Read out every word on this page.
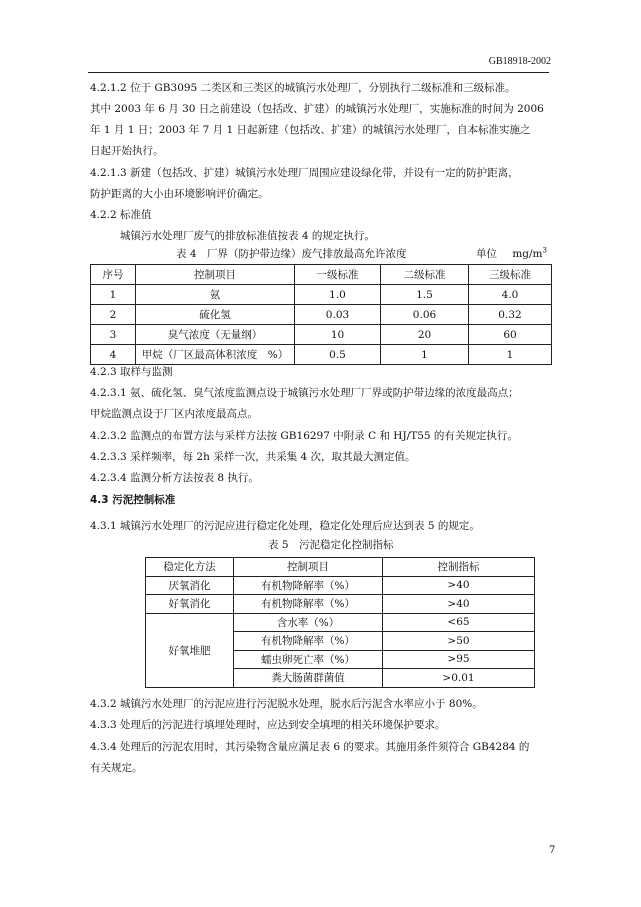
GB18918-2002
4.2.1.2 位于 GB3095 二类区和三类区的城镇污水处理厂，分别执行二级标准和三级标准。
其中 2003 年 6 月 30 日之前建设（包括改、扩建）的城镇污水处理厂，实施标准的时间为 2006
年 1 月 1 日；2003 年 7 月 1 日起新建（包括改、扩建）的城镇污水处理厂，自本标准实施之
日起开始执行。
4.2.1.3 新建（包括改、扩建）城镇污水处理厂周围应建设绿化带，并设有一定的防护距离，
防护距离的大小由环境影响评价确定。
4.2.2 标准值
城镇污水处理厂废气的排放标准值按表 4 的规定执行。
表 4　厂界（防护带边缘）废气排放最高允许浓度	单位 $mg/m^3$
序号	控制项目	一级标准	二级标准	三级标准
1	氨	1.0	1.5	4.0
2	硫化氢	0.03	0.06	0.32
3	臭气浓度（无量纲）	10	20	60
4	甲烷（厂区最高体积浓度　%）	0.5	1	1
4.2.3 取样与监测
4.2.3.1 氨、硫化氢、臭气浓度监测点设于城镇污水处理厂厂界或防护带边缘的浓度最高点；
甲烷监测点设于厂区内浓度最高点。
4.2.3.2 监测点的布置方法与采样方法按 GB16297 中附录 C 和 HJ/T55 的有关规定执行。
4.2.3.3 采样频率，每 2h 采样一次，共采集 4 次，取其最大测定值。
4.2.3.4 监测分析方法按表 8 执行。
4.3 污泥控制标准
4.3.1 城镇污水处理厂的污泥应进行稳定化处理，稳定化处理后应达到表 5 的规定。
表 5　污泥稳定化控制指标
稳定化方法	控制项目	控制指标
厌氧消化	有机物降解率（%）	>40
好氧消化	有机物降解率（%）	>40
好氧堆肥	含水率（%）	<65
	有机物降解率（%）	>50
	蠕虫卵死亡率（%）	>95
	粪大肠菌群菌值	>0.01
4.3.2 城镇污水处理厂的污泥应进行污泥脱水处理，脱水后污泥含水率应小于 80%。
4.3.3 处理后的污泥进行填埋处理时，应达到安全填埋的相关环境保护要求。
4.3.4 处理后的污泥农用时，其污染物含量应满足表 6 的要求。其施用条件须符合 GB4284 的
有关规定。
7
